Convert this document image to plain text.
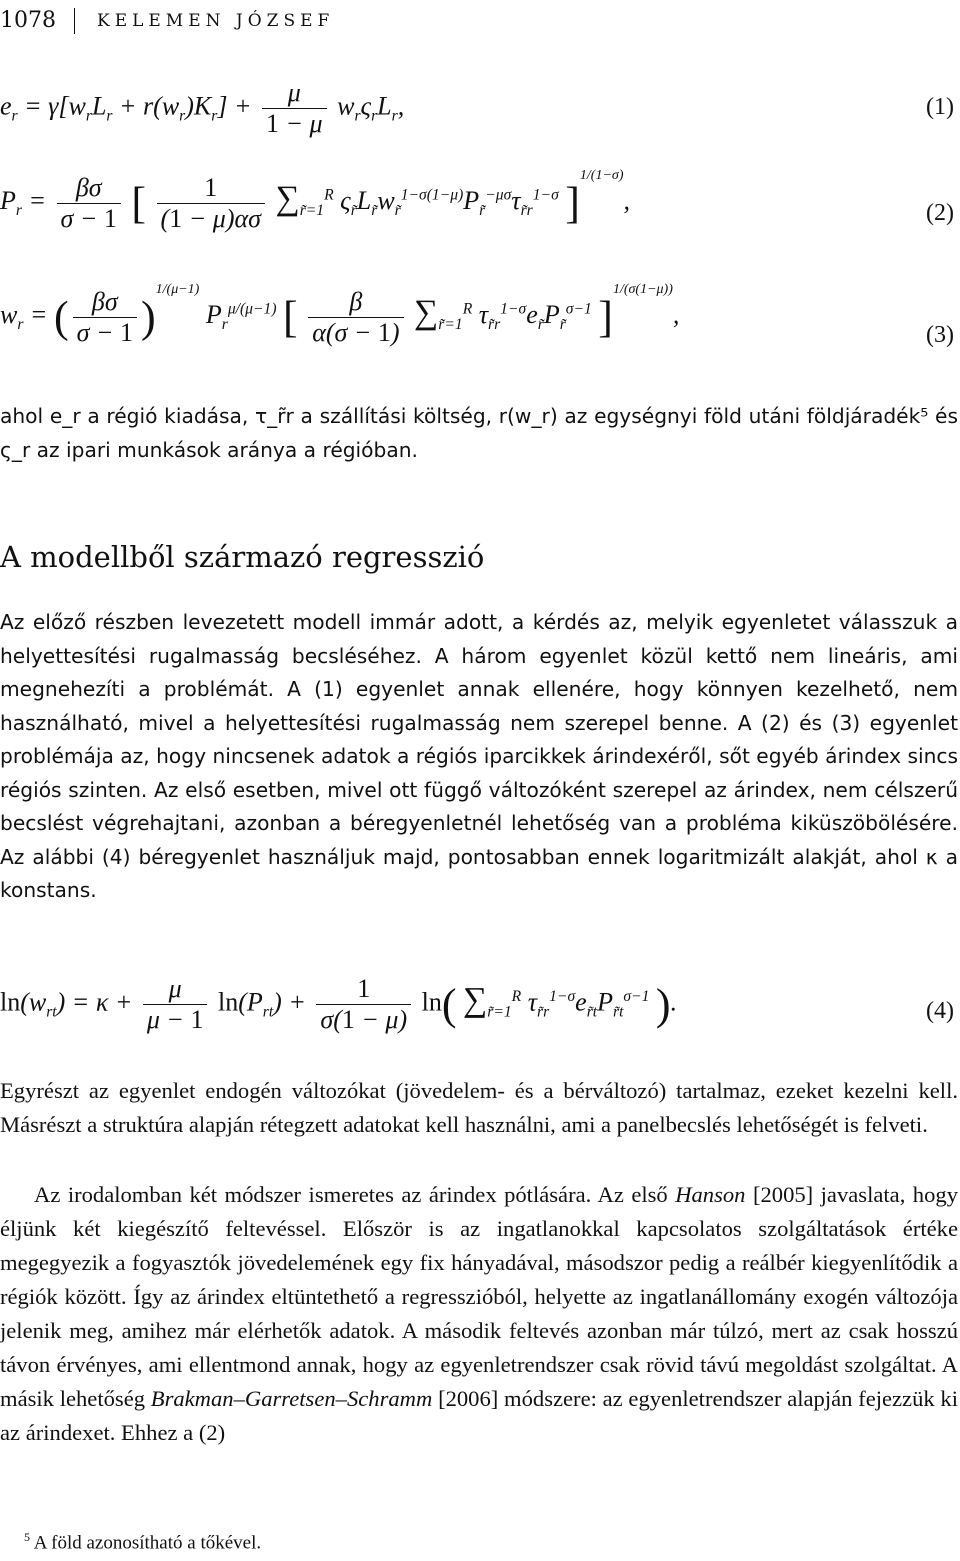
1078 KELEMEN JÓZSEF
$e_r = \gamma[w_rL_r + r(w_r)K_r] + \frac{\mu}{1 - \mu} w_r\varsigma_rL_r$,	(1)
$P_r = \frac{\beta\sigma}{\sigma - 1}$ [ $\frac{1}{(1 - \mu)\alpha\sigma} \sum_{r̃=1}^R$ $\varsigma_{r̃}L_{r̃}w_{r̃}^{1-\sigma(1-\mu)}P_{r̃}^{-\mu\sigma}\tau_{r̃r}^{1-\sigma}$ ]$^{1/(1-\sigma)}$,	(2)
$w_r$ = ( $\frac{\beta\sigma}{\sigma - 1} )^{1/(\mu-1)}$ $P_r^{\mu/(\mu-1)}$ [ $\frac{\beta}{\alpha(\sigma - 1)} \sum_{r̃=1}^R$ $\tau_{r̃r}^{1-\sigma}e_{r̃}P_{r̃}^{\sigma-1}$ ]$^{1/(\sigma(1-\mu))}$,
(3)
ahol e_r a régió kiadása, τ_r̃r a szállítási költség, r(w_r) az egységnyi föld utáni földjáradék⁵ és ς_r az ipari munkások aránya a régióban.
A modellből származó regresszió
Az előző részben levezetett modell immár adott, a kérdés az, melyik egyenletet válasszuk a helyettesítési rugalmasság becsléséhez. A három egyenlet közül kettő nem lineáris, ami megnehezíti a problémát. A (1) egyenlet annak ellenére, hogy könnyen kezelhető, nem használható, mivel a helyettesítési rugalmasság nem szerepel benne. A (2) és (3) egyenlet problémája az, hogy nincsenek adatok a régiós iparcikkek árindexéről, sőt egyéb árindex sincs régiós szinten. Az első esetben, mivel ott függő változóként szerepel az árindex, nem célszerű becslést végrehajtani, azonban a béregyenletnél lehetőség van a probléma kiküszöbölésére. Az alábbi (4) béregyenlet használjuk majd, pontosabban ennek logaritmizált alakját, ahol κ a konstans.
$\ln(w_{rt}) = \kappa + \frac{\mu}{\mu - 1} \ln(P_{rt}) + \frac{1}{\sigma(1 - \mu)} \ln$( $\sum_{r̃=1}^R$ $\tau_{r̃r}^{1-\sigma}e_{r̃t}P_{r̃t}^{\sigma-1}$ ).	(4)
Egyrészt az egyenlet endogén változókat (jövedelem- és a bérváltozó) tartalmaz, ezeket kezelni kell. Másrészt a struktúra alapján rétegzett adatokat kell használni, ami a panelbecslés lehetőségét is felveti.
Az irodalomban két módszer ismeretes az árindex pótlására. Az első Hanson [2005] javaslata, hogy éljünk két kiegészítő feltevéssel. Először is az ingatlanokkal kapcsolatos szolgáltatások értéke megegyezik a fogyasztók jövedelemének egy fix hányadával, másodszor pedig a reálbér kiegyenlítődik a régiók között. Így az árindex eltüntethető a regresszióból, helyette az ingatlanállomány exogén változója jelenik meg, amihez már elérhetők adatok. A második feltevés azonban már túlzó, mert az csak hosszú távon érvényes, ami ellentmond annak, hogy az egyenletrendszer csak rövid távú megoldást szolgáltat. A másik lehetőség Brakman–Garretsen–Schramm [2006] módszere: az egyenletrendszer alapján fejezzük ki az árindexet. Ehhez a (2)
$^5$ A föld azonosítható a tőkével.
